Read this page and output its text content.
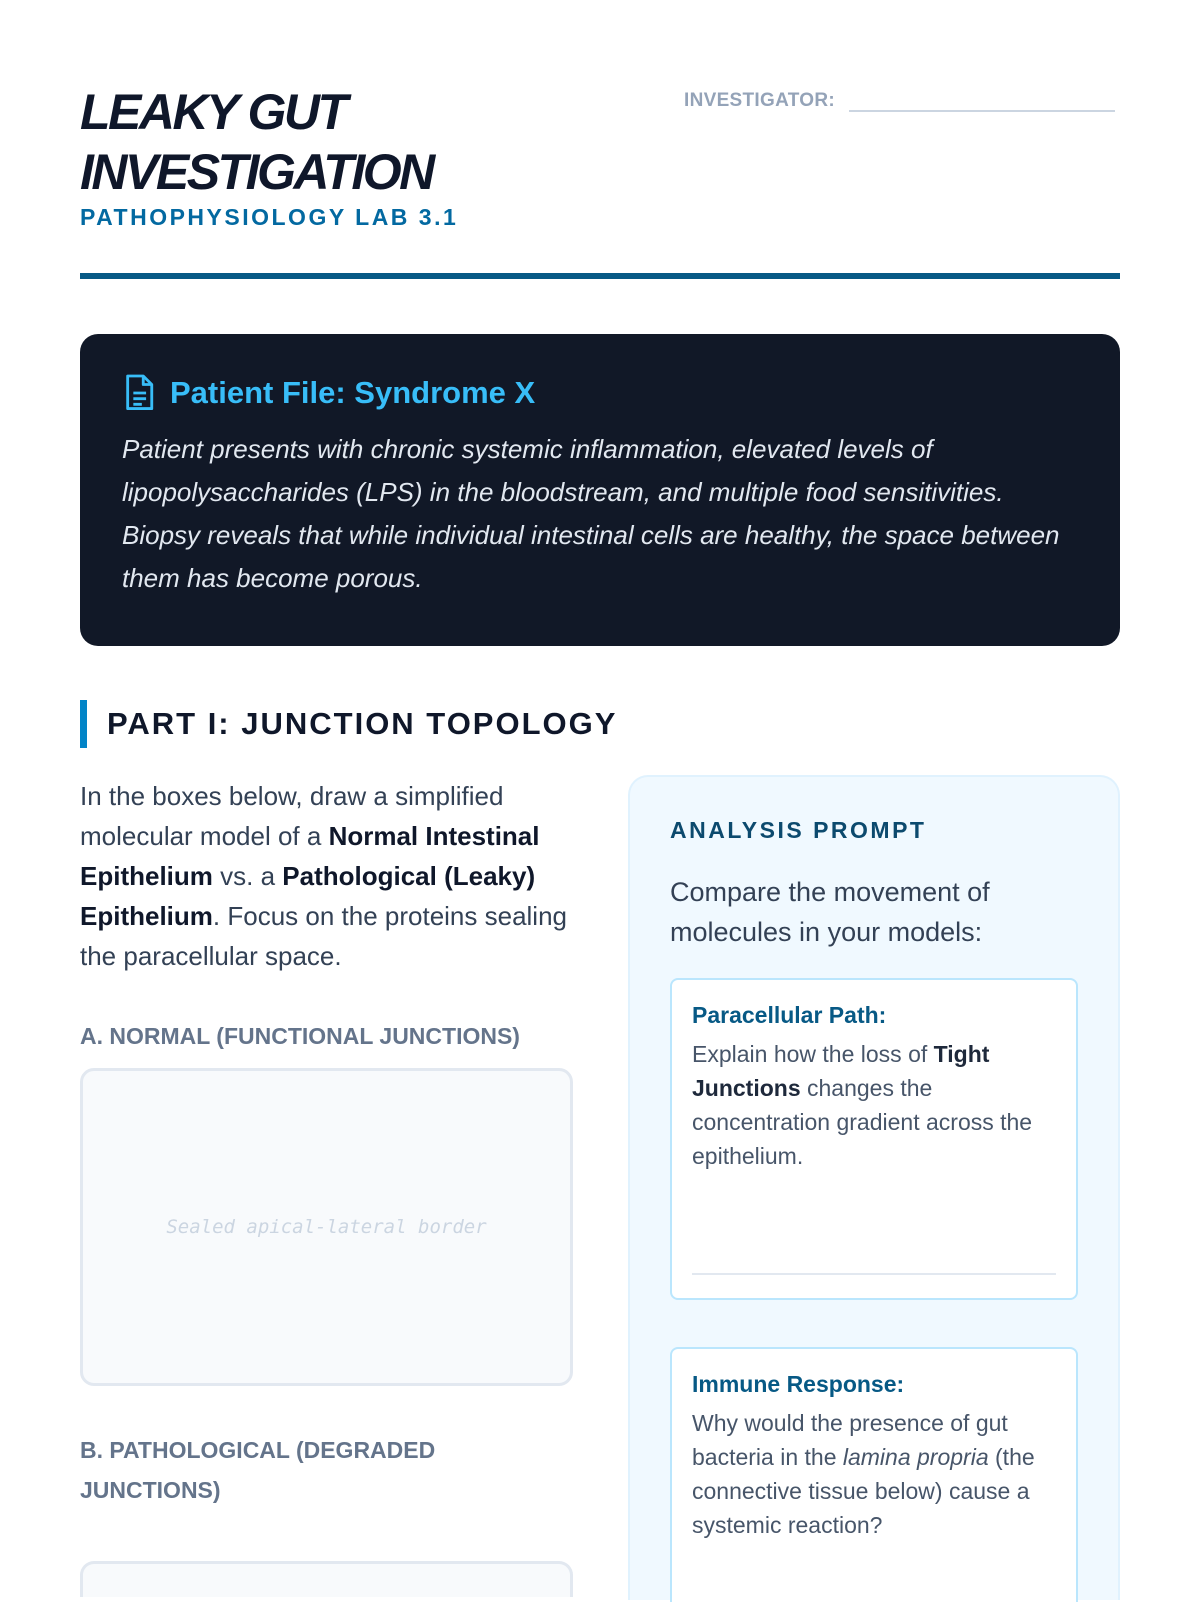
LEAKY GUT
INVESTIGATION
PATHOPHYSIOLOGY LAB 3.1
INVESTIGATOR:
Patient File: Syndrome X

Patient presents with chronic systemic inflammation, elevated levels of lipopolysaccharides (LPS) in the bloodstream, and multiple food sensitivities. Biopsy reveals that while individual intestinal cells are healthy, the space between them has become porous.

PART I: JUNCTION TOPOLOGY

In the boxes below, draw a simplified molecular model of a Normal Intestinal Epithelium vs. a Pathological (Leaky) Epithelium. Focus on the proteins sealing the paracellular space.

A. NORMAL (FUNCTIONAL JUNCTIONS)
Sealed apical-lateral border
B. PATHOLOGICAL (DEGRADED JUNCTIONS)
ANALYSIS PROMPT

Compare the movement of molecules in your models:

Paracellular Path:

Explain how the loss of Tight Junctions changes the concentration gradient across the epithelium.

Immune Response:

Why would the presence of gut bacteria in the lamina propria (the connective tissue below) cause a systemic reaction?
